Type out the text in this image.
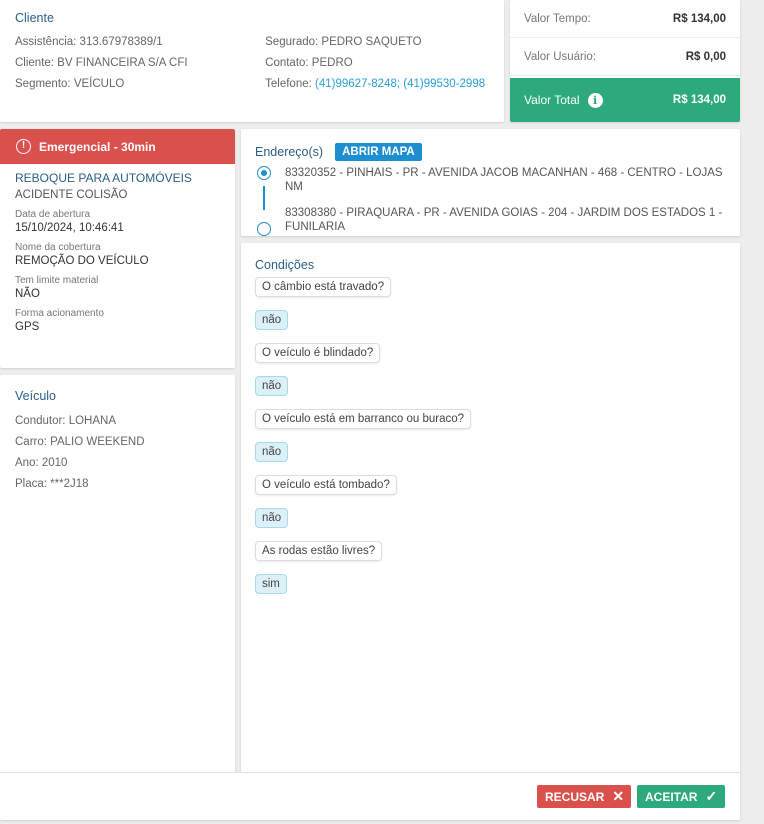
Cliente
Assistência: 313.67978389/1
Cliente: BV FINANCEIRA S/A CFI
Segmento: VEÍCULO
Segurado: PEDRO SAQUETO
Contato: PEDRO
Telefone: (41)99627-8248; (41)99530-2998
Valor Tempo:	R$ 134,00
Valor Usuário:	R$ 0,00
Valor Total	i	R$ 134,00
!	Emergencial - 30min
REBOQUE PARA AUTOMÓVEIS
ACIDENTE COLISÃO
Data de abertura
15/10/2024, 10:46:41
Nome da cobertura
REMOÇÃO DO VEÍCULO
Tem limite material
NÃO
Forma acionamento
GPS
Veículo
Condutor: LOHANA
Carro: PALIO WEEKEND
Ano: 2010
Placa: ***2J18
Endereço(s)	ABRIR MAPA
83320352 - PINHAIS - PR - AVENIDA JACOB MACANHAN - 468 - CENTRO - LOJAS NM
83308380 - PIRAQUARA - PR - AVENIDA GOIAS - 204 - JARDIM DOS ESTADOS 1 - FUNILARIA
Condições
O câmbio está travado?
não
O veículo é blindado?
não
O veículo está em barranco ou buraco?
não
O veículo está tombado?
não
As rodas estão livres?
sim
RECUSAR ✕ ACEITAR ✓
